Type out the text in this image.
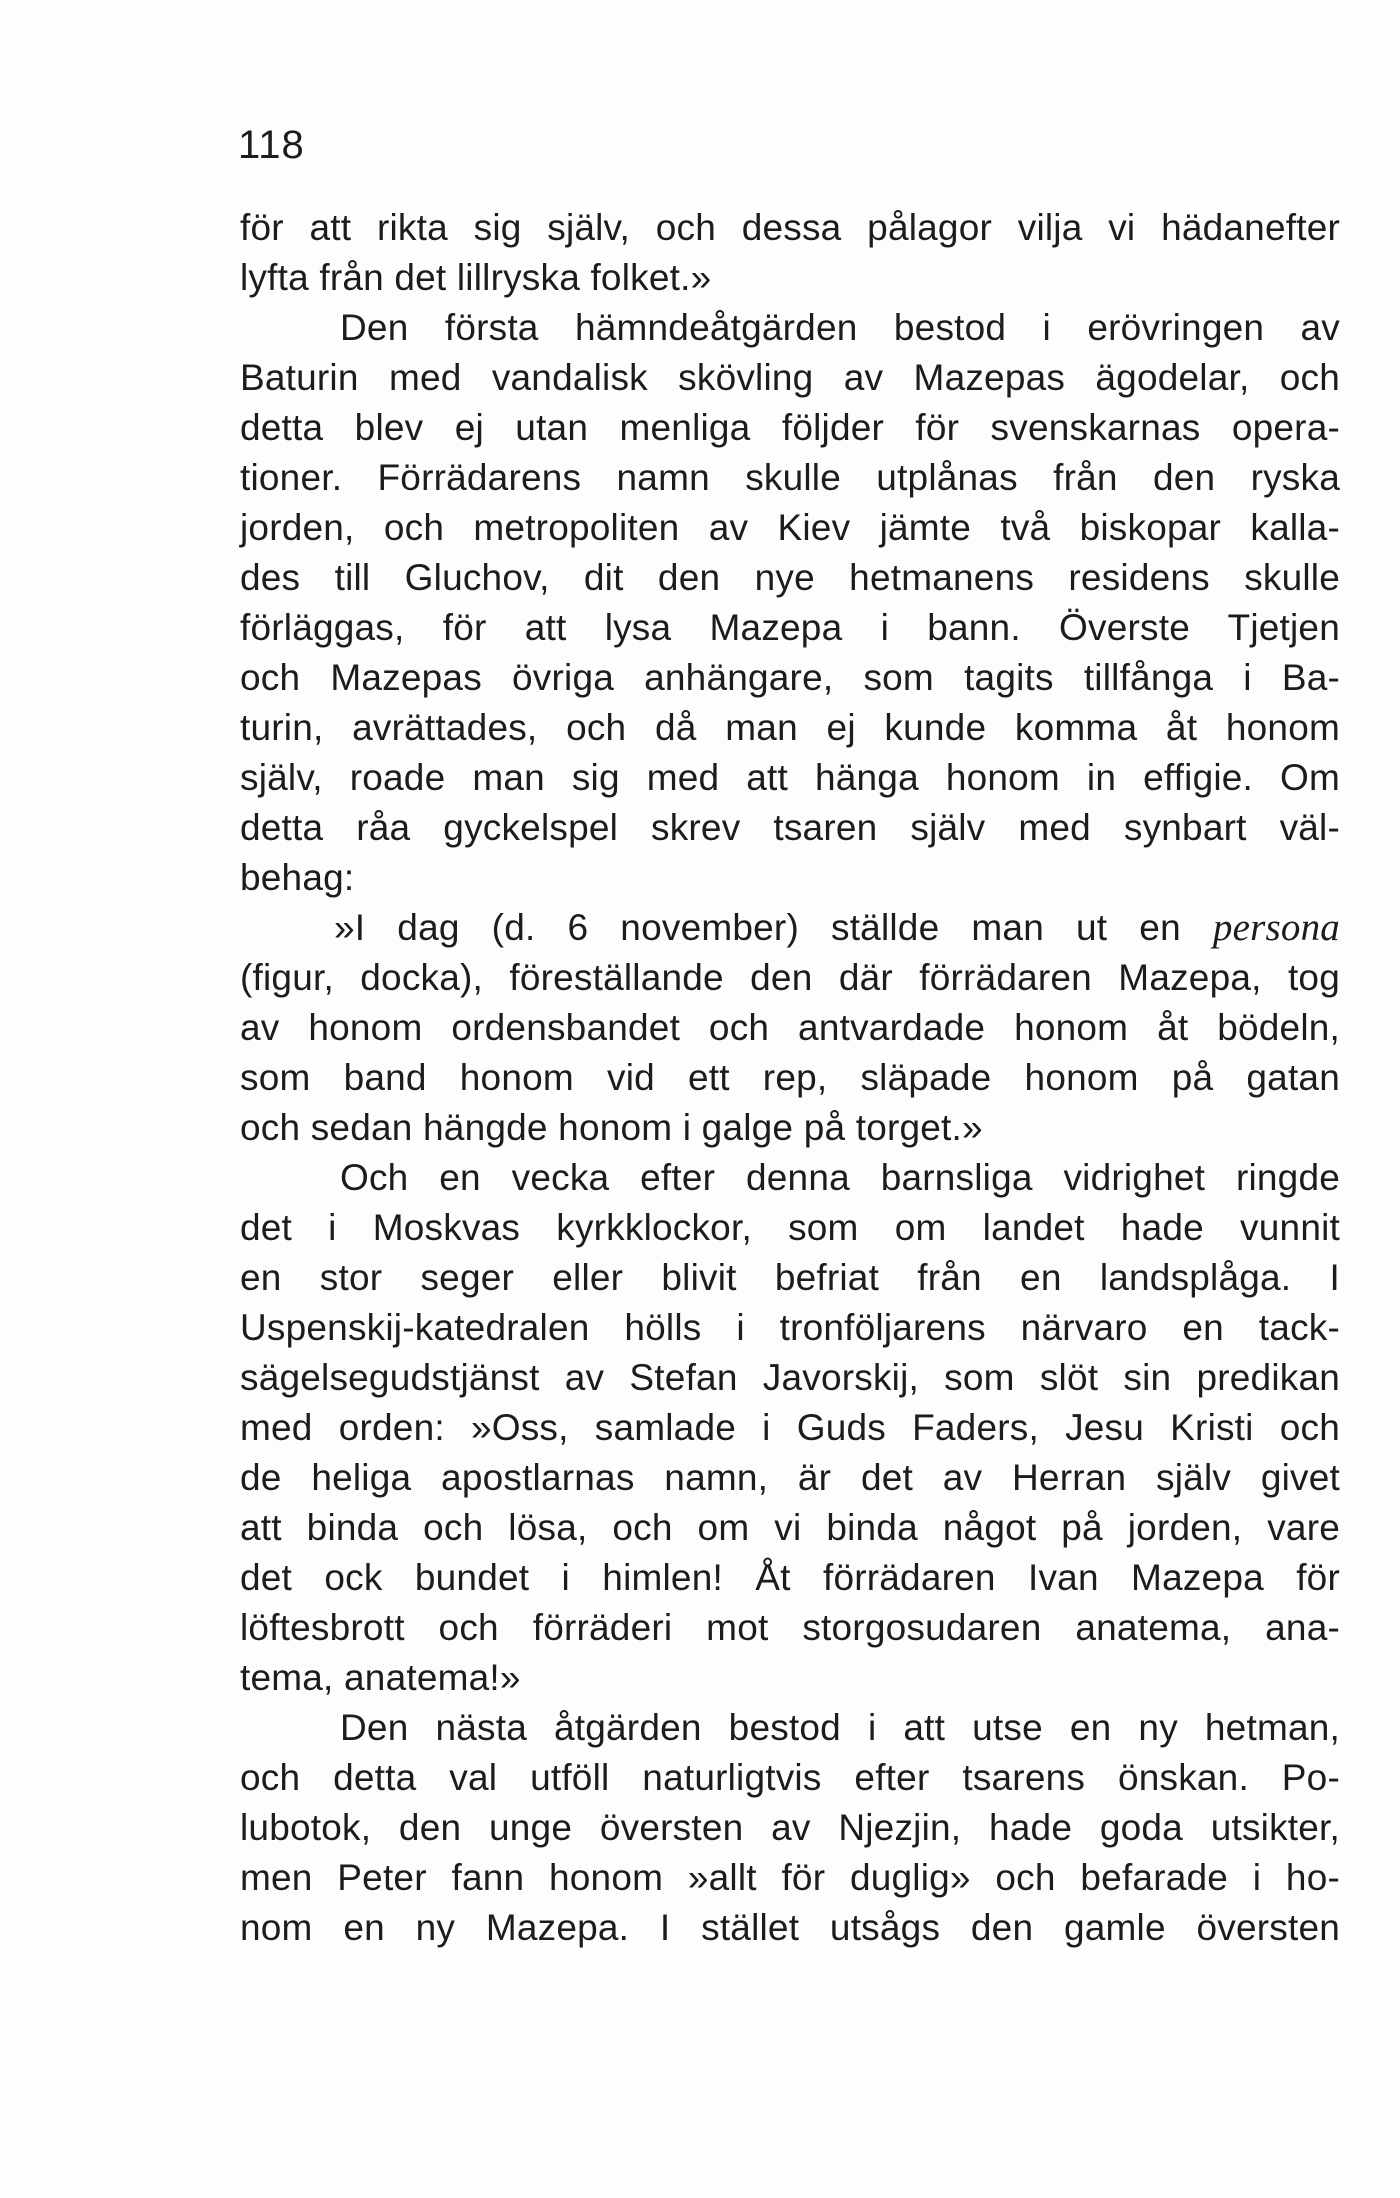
118
för att rikta sig själv, och dessa pålagor vilja vi hädanefter
lyfta från det lillryska folket.»
Den första hämndeåtgärden bestod i erövringen av
Baturin med vandalisk skövling av Mazepas ägodelar, och
detta blev ej utan menliga följder för svenskarnas opera-
tioner. Förrädarens namn skulle utplånas från den ryska
jorden, och metropoliten av Kiev jämte två biskopar kalla-
des till Gluchov, dit den nye hetmanens residens skulle
förläggas, för att lysa Mazepa i bann. Överste Tjetjen
och Mazepas övriga anhängare, som tagits tillfånga i Ba-
turin, avrättades, och då man ej kunde komma åt honom
själv, roade man sig med att hänga honom in effigie. Om
detta råa gyckelspel skrev tsaren själv med synbart väl-
behag:
»I dag (d. 6 november) ställde man ut en persona
(figur, docka), föreställande den där förrädaren Mazepa, tog
av honom ordensbandet och antvardade honom åt bödeln,
som band honom vid ett rep, släpade honom på gatan
och sedan hängde honom i galge på torget.»
Och en vecka efter denna barnsliga vidrighet ringde
det i Moskvas kyrkklockor, som om landet hade vunnit
en stor seger eller blivit befriat från en landsplåga. I
Uspenskij-katedralen hölls i tronföljarens närvaro en tack-
sägelsegudstjänst av Stefan Javorskij, som slöt sin predikan
med orden: »Oss, samlade i Guds Faders, Jesu Kristi och
de heliga apostlarnas namn, är det av Herran själv givet
att binda och lösa, och om vi binda något på jorden, vare
det ock bundet i himlen! Åt förrädaren Ivan Mazepa för
löftesbrott och förräderi mot storgosudaren anatema, ana-
tema, anatema!»
Den nästa åtgärden bestod i att utse en ny hetman,
och detta val utföll naturligtvis efter tsarens önskan. Po-
lubotok, den unge översten av Njezjin, hade goda utsikter,
men Peter fann honom »allt för duglig» och befarade i ho-
nom en ny Mazepa. I stället utsågs den gamle översten
